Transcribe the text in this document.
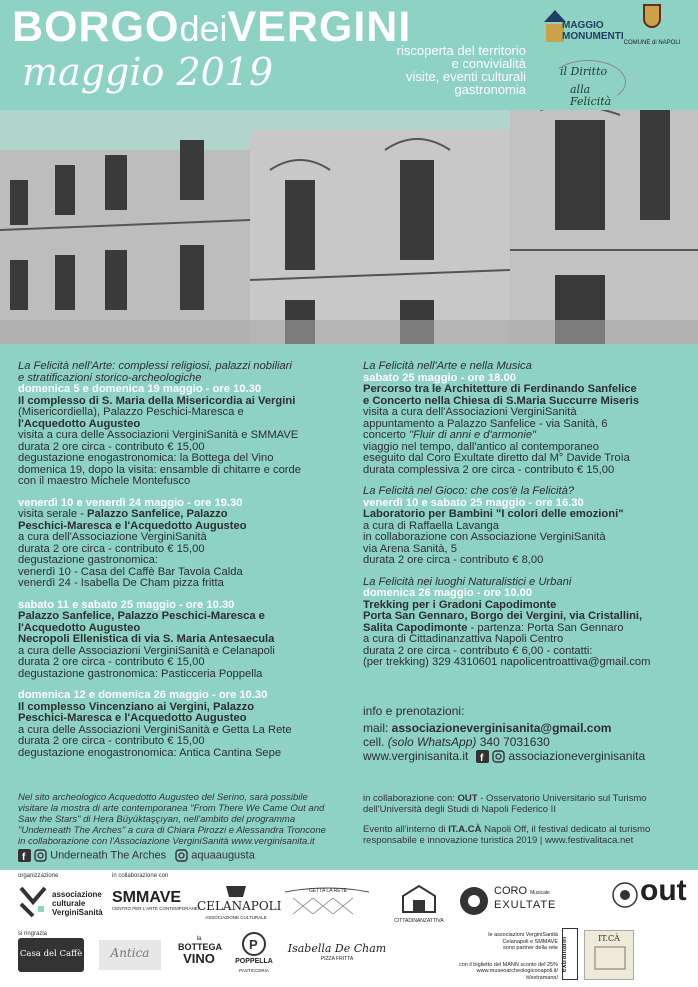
BORGOdeiVERGINI
maggio 2019	riscoperta del territorio
e convivialità
visite, eventi culturali
gastronomia
MAGGIO
MONUMENTI
COMUNE di NAPOLI
il Diritto
alla Felicità
La Felicità nell'Arte: complessi religiosi, palazzi nobiliari
e stratificazioni storico-archeologiche
domenica 5 e domenica 19 maggio - ore 10.30
Il complesso di S. Maria della Misericordia ai Vergini
(Misericordiella), Palazzo Peschici-Maresca e
l'Acquedotto Augusteo
visita a cura delle Associazioni VerginiSanità e SMMAVE
durata 2 ore circa - contributo € 15,00
degustazione enogastronomica: la Bottega del Vino
domenica 19, dopo la visita: ensamble di chitarre e corde
con il maestro Michele Montefusco
venerdì 10 e venerdì 24 maggio - ore 19.30
visita serale - Palazzo Sanfelice, Palazzo
Peschici-Maresca e l'Acquedotto Augusteo
a cura dell'Associazione VerginiSanità
durata 2 ore circa - contributo € 15,00
degustazione gastronomica:
venerdì 10 - Casa del Caffè Bar Tavola Calda
venerdì 24 - Isabella De Cham pizza fritta
sabato 11 e sabato 25 maggio - ore 10.30
Palazzo Sanfelice, Palazzo Peschici-Maresca e
l'Acquedotto Augusteo
Necropoli Ellenistica di via S. Maria Antesaecula
a cura delle Associazioni VerginiSanità e Celanapoli
durata 2 ore circa - contributo € 15,00
degustazione gastronomica: Pasticceria Poppella
domenica 12 e domenica 26 maggio - ore 10.30
Il complesso Vincenziano ai Vergini, Palazzo
Peschici-Maresca e l'Acquedotto Augusteo
a cura delle Associazioni VerginiSanità e Getta La Rete
durata 2 ore circa - contributo € 15,00
degustazione enogastronomica: Antica Cantina Sepe
Nel sito archeologico Acquedotto Augusteo del Serino, sarà possibile
visitare la mostra di arte contemporanea "From There We Came Out and
Saw the Stars" di Hera Büyüktaşçıyan, nell'ambito del programma
"Underneath The Arches" a cura di Chiara Pirozzi e Alessandra Troncone
in collaborazione con l'Associazione VerginiSanità www.verginisanita.it
f Underneath The Arches aquaaugusta
La Felicità nell'Arte e nella Musica
sabato 25 maggio - ore 18.00
Percorso tra le Architetture di Ferdinando Sanfelice
e Concerto nella Chiesa di S.Maria Succurre Miseris
visita a cura dell'Associazioni VerginiSanità
appuntamento a Palazzo Sanfelice - via Sanità, 6
concerto "Fluir di anni e d'armonie"
viaggio nel tempo, dall'antico al contemporaneo
eseguito dal Coro Exultate diretto dal M° Davide Troìa
durata complessiva 2 ore circa - contributo € 15,00
La Felicità nel Gioco: che cos'è la Felicità?
venerdì 10 e sabato 25 maggio - ore 16.30
Laboratorio per Bambini "I colori delle emozioni"
a cura di Raffaella Lavanga
in collaborazione con Associazione VerginiSanità
via Arena Sanità, 5
durata 2 ore circa - contributo € 8,00
La Felicità nei luoghi Naturalistici e Urbani
domenica 26 maggio - ore 10.00
Trekking per i Gradoni Capodimonte
Porta San Gennaro, Borgo dei Vergini, via Cristallini,
Salita Capodimonte - partenza: Porta San Gennaro
a cura di Cittadinanzattiva Napoli Centro
durata 2 ore circa - contributo € 6,00 - contatti:
(per trekking) 329 4310601 napolicentroattiva@gmail.com
info e prenotazioni:
mail: associazioneverginisanita@gmail.com
cell. (solo WhatsApp) 340 7031630
www.verginisanita.it f associazioneverginisanita
in collaborazione con: OUT - Osservatorio Universitario sul Turismo
dell'Università degli Studi di Napoli Federico II
Evento all'interno di IT.A.CÀ Napoli Off, il festival dedicato al turismo
responsabile e innovazione turistica 2019 | www.festivalitaca.net
organizzazione	in collaborazione con
si ringrazia
associazione
culturale
VerginiSanità
SMMAVE
CENTRO PER L'ARTE CONTEMPORANEA
CELANAPOLI
ASSOCIAZIONE CULTURALE
GETTA LA RETE
CITTADINANZATTIVA
CORO Musicale
EXULTATE	out
Casa del Caffè	Antica
la
BOTTEGA
VINO
P
POPPELLA
PASTICCERIA
Isabella De Cham
PIZZA FRITTA
le associazioni VerginiSanità
Celanapoli e SMMAVE
sono partner della rete
con il biglietto del MANN sconto del 25%
www.museoarcheologiconapoli.it/
it/extramann/
extramann	IT.CÀ
